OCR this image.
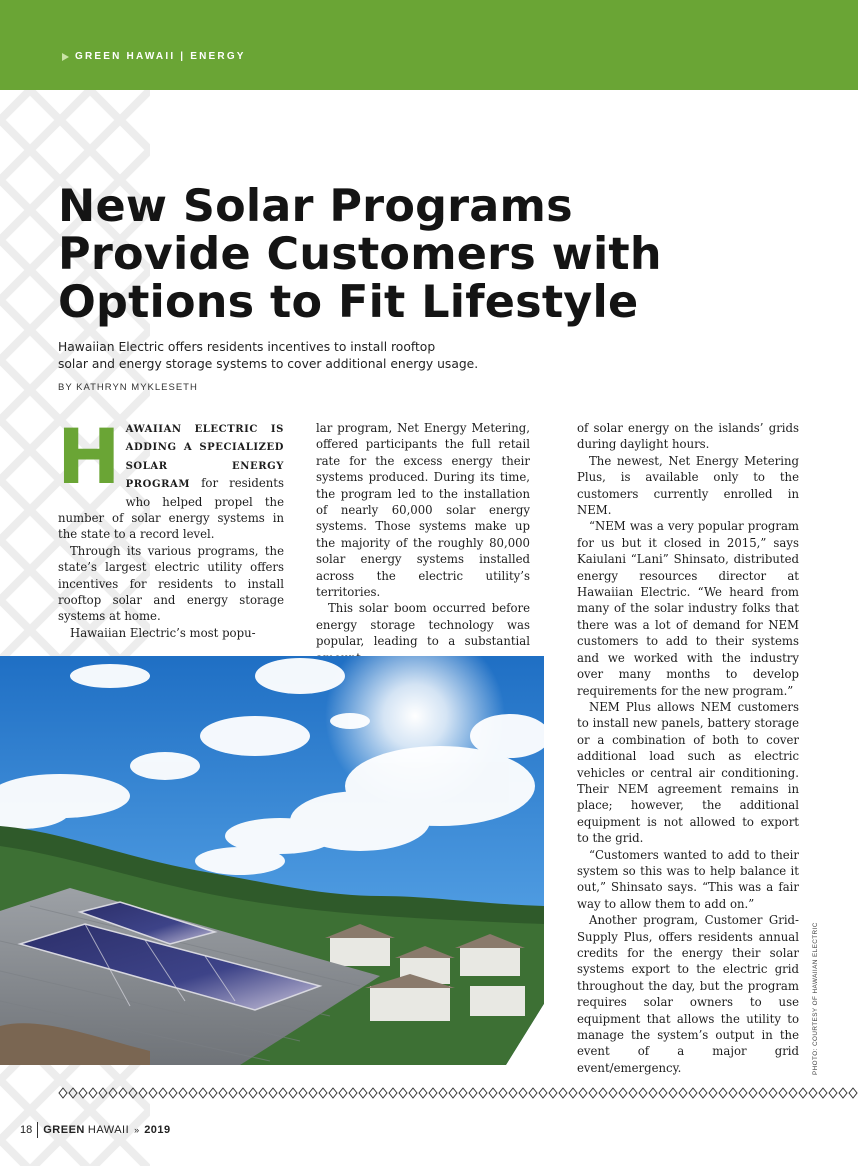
GREEN HAWAII | ENERGY
New Solar Programs
Provide Customers with
Options to Fit Lifestyle
Hawaiian Electric offers residents incentives to install rooftop
solar and energy storage systems to cover additional energy usage.
BY KATHRYN MYKLESETH

HAWAIIAN ELECTRIC IS ADDING A SPECIALIZED SOLAR ENERGY PROGRAM for residents who helped propel the number of solar energy systems in the state to a record level.

Through its various programs, the state’s largest electric utility offers incentives for residents to install rooftop solar and energy storage systems at home.

Hawaiian Electric’s most popu-

lar program, Net Energy Metering, offered participants the full retail rate for the excess energy their systems produced. During its time, the program led to the installation of nearly 60,000 solar energy systems. Those systems make up the majority of the roughly 80,000 solar energy systems installed across the electric utility’s territories.

This solar boom occurred before energy storage technology was popular, leading to a substantial

of solar energy on the islands’ grids during daylight hours.

The newest, Net Energy Metering Plus, is available only to the customers currently enrolled in NEM.

“NEM was a very popular program for us but it closed in 2015,” says Kaiulani “Lani” Shinsato, distributed energy resources director at Hawaiian Electric. “We heard from many of the solar industry folks that there was a lot of demand for NEM customers to add to their systems and we worked with the industry over many months to develop requirements for the new program.”

NEM Plus allows NEM customers to install new panels, battery storage or a combination of both to cover additional load such as electric vehicles or central air conditioning. Their NEM agreement remains in place; however, the additional equipment is not allowed to export to the grid.

“Customers wanted to add to their system so this was to help balance it out,” Shinsato says. “This was a fair way to allow them to add on.”

Another program, Customer Grid-Supply Plus, offers residents annual credits for the energy their solar systems export to the electric grid throughout the day, but the program requires solar owners to use equipment that allows the utility to manage the system’s output in the event of a major grid event/emergency.	PHOTO: COURTESY OF HAWAIIAN ELECTRIC
18	GREEN HAWAII » 2019
